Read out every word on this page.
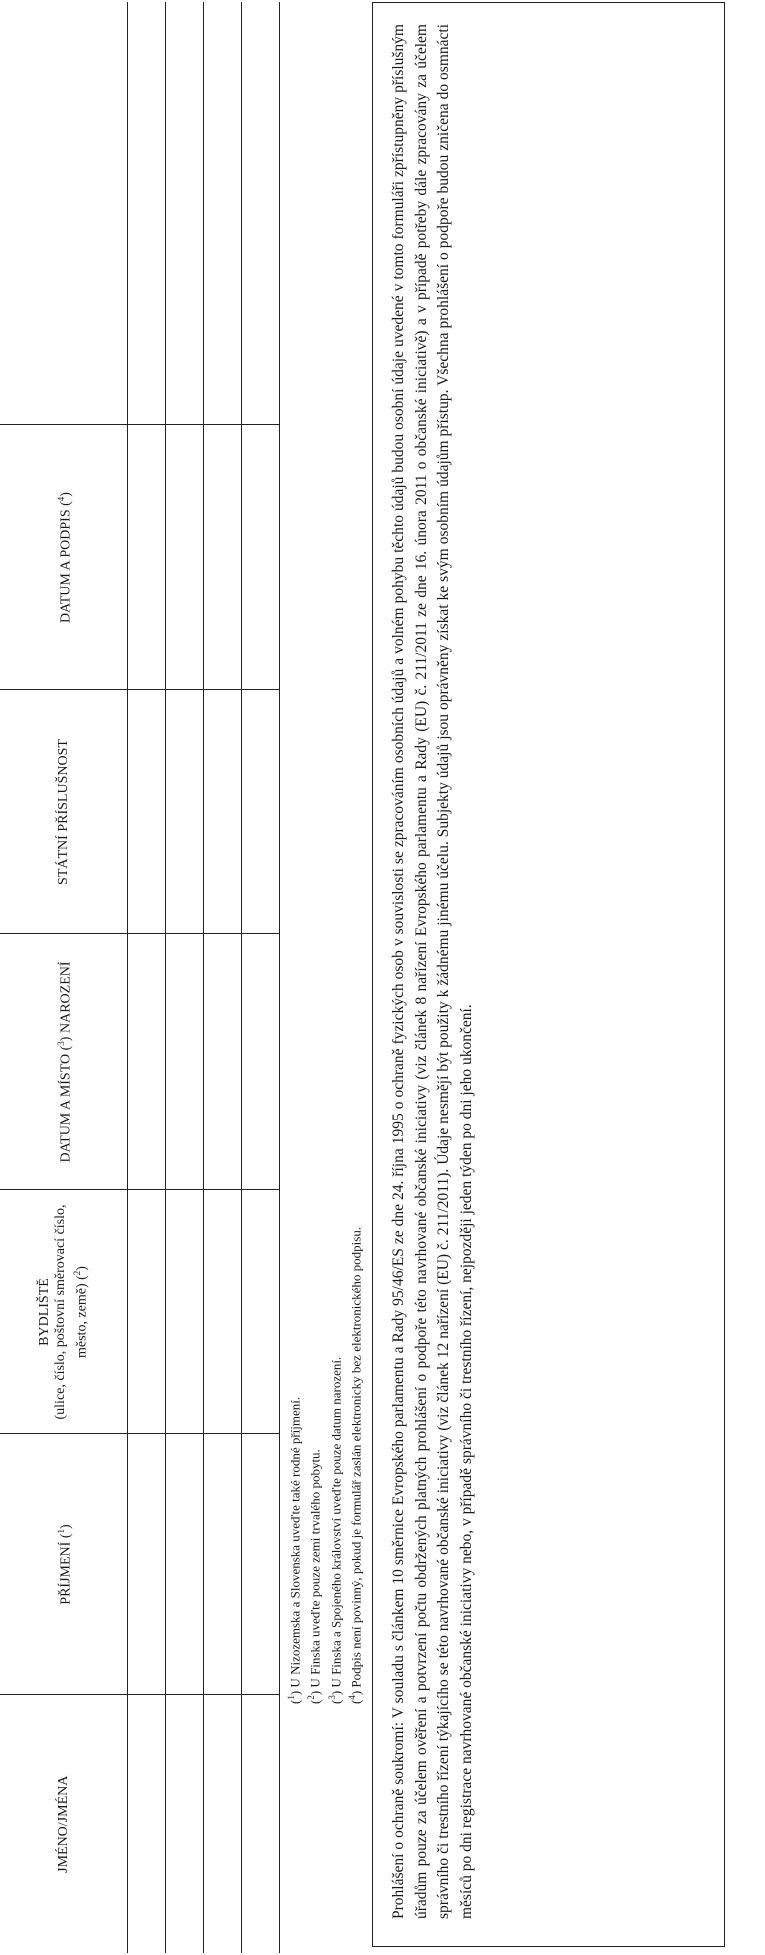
JMÉNO/JMÉNA	PŘÍJMENÍ ($^1$)	BYDLIŠTĚ (ulice, číslo, poštovní směrovací číslo, město, země) ($^2$)	DATUM A MÍSTO ($^3$) NAROZENÍ	STÁTNÍ PŘÍSLUŠNOST	DATUM A PODPIS ($^4$)	

($^1$) U Nizozemska a Slovenska uveďte také rodné příjmení.
($^2$) U Finska uveďte pouze zemi trvalého pobytu.
($^3$) U Finska a Spojeného království uveďte pouze datum narození.
($^4$) Podpis není povinný, pokud je formulář zaslán elektronicky bez elektronického podpisu. Prohlášení o ochraně soukromí: V souladu s článkem 10 směrnice Evropského parlamentu a Rady 95/46/ES ze dne 24. října 1995 o ochraně fyzických osob v souvislosti se zpracováním osobních údajů a volném pohybu těchto údajů budou osobní údaje uvedené v tomto formuláři zpřístupněny příslušným úřadům pouze za účelem ověření a potvrzení počtu obdržených platných prohlášení o podpoře této navrhované občanské iniciativy (viz článek 8 nařízení Evropského parlamentu a Rady (EU) č. 211/2011 ze dne 16. února 2011 o občanské iniciativě) a v případě potřeby dále zpracovány za účelem správního či trestního řízení týkajícího se této navrhované občanské iniciativy (viz článek 12 nařízení (EU) č. 211/2011). Údaje nesmějí být použity k žádnému jinému účelu. Subjekty údajů jsou oprávněny získat ke svým osobním údajům přístup. Všechna prohlášení o podpoře budou zničena do osmnácti měsíců po dni registrace navrhované občanské iniciativy nebo, v případě správního či trestního řízení, nejpozději jeden týden po dni jeho ukončení.
